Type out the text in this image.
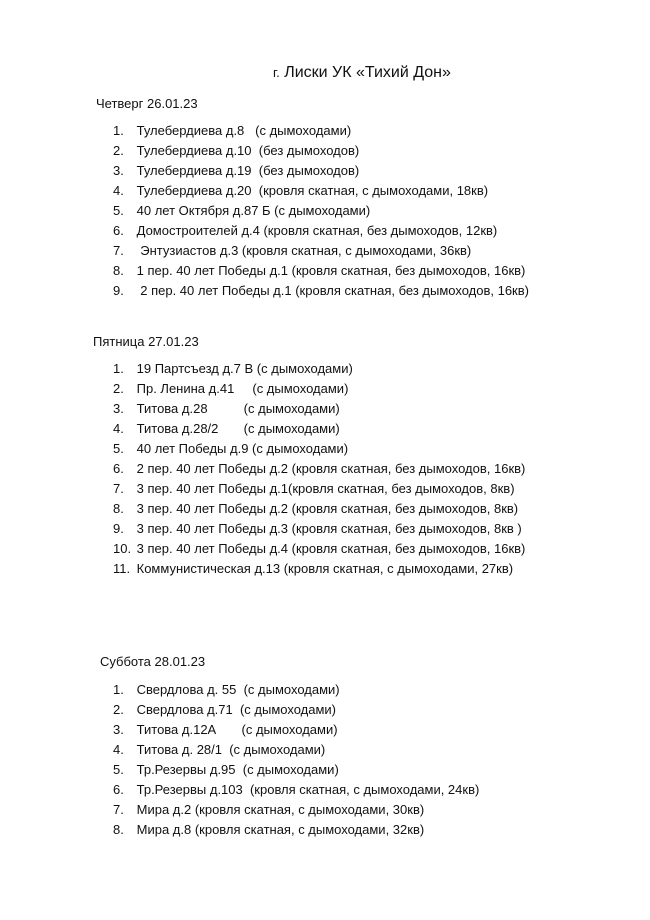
г. Лиски УК «Тихий Дон»
Четверг 26.01.23
1. Тулебердиева д.8   (с дымоходами)
2. Тулебердиева д.10  (без дымоходов)
3. Тулебердиева д.19  (без дымоходов)
4. Тулебердиева д.20  (кровля скатная, с дымоходами, 18кв)
5. 40 лет Октября д.87 Б (с дымоходами)
6. Домостроителей д.4 (кровля скатная, без дымоходов, 12кв)
7.  Энтузиастов д.3 (кровля скатная, с дымоходами, 36кв)
8. 1 пер. 40 лет Победы д.1 (кровля скатная, без дымоходов, 16кв)
9.  2 пер. 40 лет Победы д.1 (кровля скатная, без дымоходов, 16кв)
Пятница 27.01.23
1. 19 Партсъезд д.7 В (с дымоходами)
2. Пр. Ленина д.41     (с дымоходами)
3. Титова д.28          (с дымоходами)
4. Титова д.28/2       (с дымоходами)
5. 40 лет Победы д.9 (с дымоходами)
6. 2 пер. 40 лет Победы д.2 (кровля скатная, без дымоходов, 16кв)
7. 3 пер. 40 лет Победы д.1(кровля скатная, без дымоходов, 8кв)
8. 3 пер. 40 лет Победы д.2 (кровля скатная, без дымоходов, 8кв)
9. 3 пер. 40 лет Победы д.3 (кровля скатная, без дымоходов, 8кв )
10. 3 пер. 40 лет Победы д.4 (кровля скатная, без дымоходов, 16кв)
11. Коммунистическая д.13 (кровля скатная, с дымоходами, 27кв)
Суббота 28.01.23
1. Свердлова д. 55  (с дымоходами)
2. Свердлова д.71  (с дымоходами)
3. Титова д.12А       (с дымоходами)
4. Титова д. 28/1  (с дымоходами)
5. Тр.Резервы д.95  (с дымоходами)
6. Тр.Резервы д.103  (кровля скатная, с дымоходами, 24кв)
7. Мира д.2 (кровля скатная, с дымоходами, 30кв)
8. Мира д.8 (кровля скатная, с дымоходами, 32кв)
